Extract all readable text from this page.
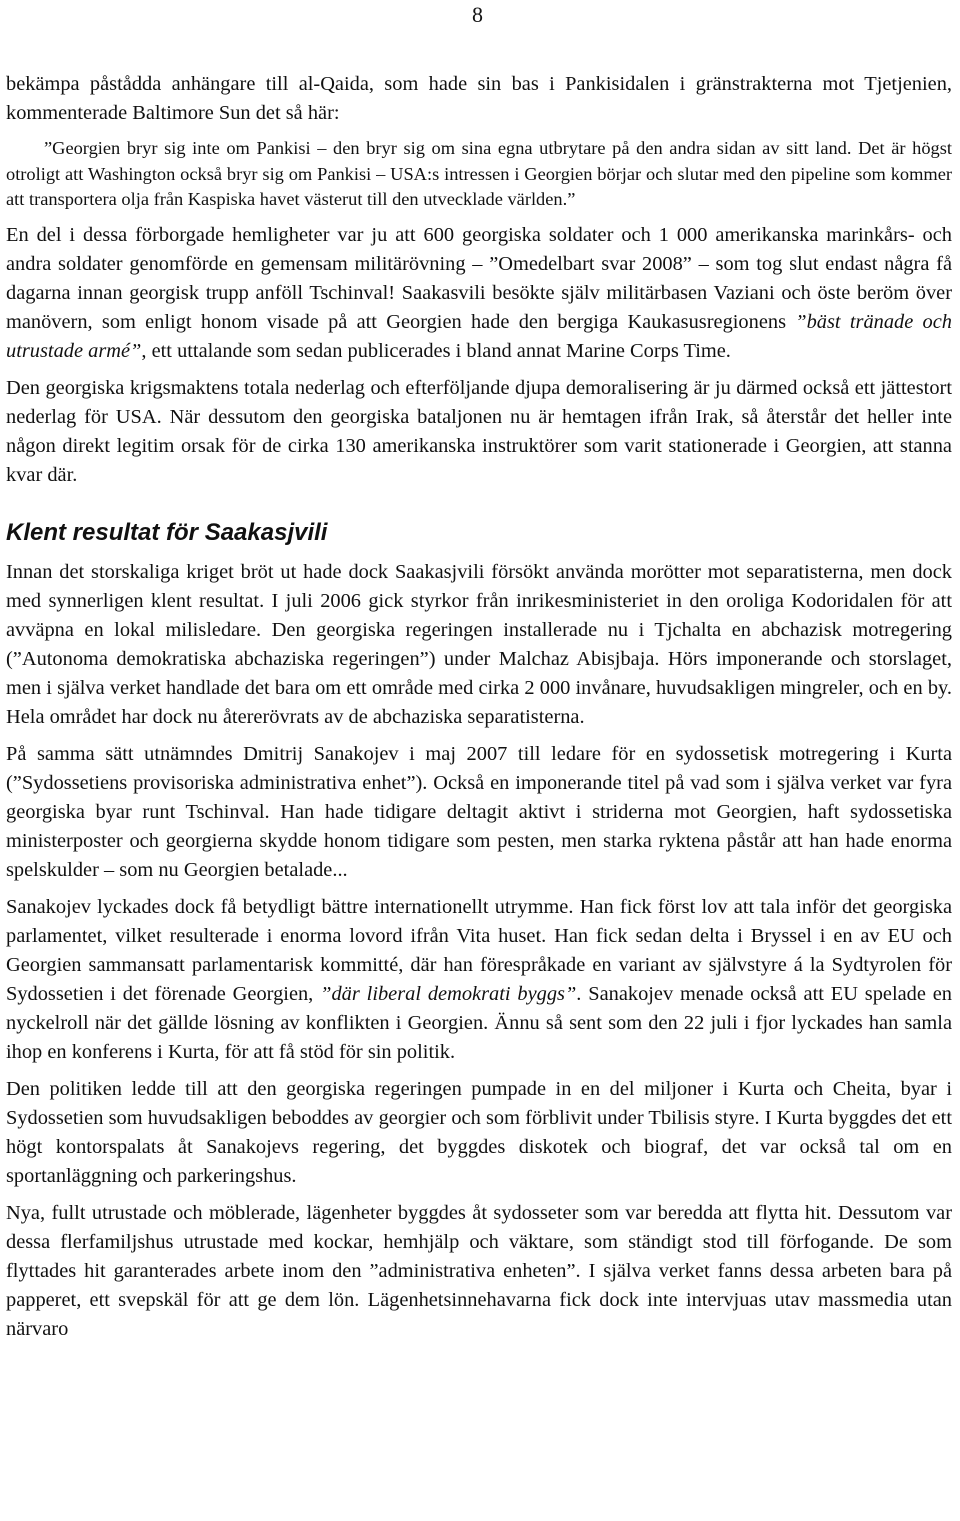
8

bekämpa påstådda anhängare till al-Qaida, som hade sin bas i Pankisidalen i gränstrakterna mot Tjetjenien, kommenterade Baltimore Sun det så här:

”Georgien bryr sig inte om Pankisi – den bryr sig om sina egna utbrytare på den andra sidan av sitt land. Det är högst otroligt att Washington också bryr sig om Pankisi – USA:s intressen i Georgien börjar och slutar med den pipeline som kommer att transportera olja från Kaspiska havet västerut till den utvecklade världen.”

En del i dessa förborgade hemligheter var ju att 600 georgiska soldater och 1 000 amerikanska marinkårs- och andra soldater genomförde en gemensam militärövning – ”Omedelbart svar 2008” – som tog slut endast några få dagarna innan georgisk trupp anföll Tschinval! Saakasvili besökte själv militärbasen Vaziani och öste beröm över manövern, som enligt honom visade på att Georgien hade den bergiga Kaukasusregionens ”bäst tränade och utrustade armé”, ett uttalande som sedan publicerades i bland annat Marine Corps Time.

Den georgiska krigsmaktens totala nederlag och efterföljande djupa demoralisering är ju därmed också ett jättestort nederlag för USA. När dessutom den georgiska bataljonen nu är hemtagen ifrån Irak, så återstår det heller inte någon direkt legitim orsak för de cirka 130 amerikanska instruktörer som varit stationerade i Georgien, att stanna kvar där.

Klent resultat för Saakasjvili

Innan det storskaliga kriget bröt ut hade dock Saakasjvili försökt använda morötter mot separatisterna, men dock med synnerligen klent resultat. I juli 2006 gick styrkor från inrikesministeriet in den oroliga Kodoridalen för att avväpna en lokal milisledare. Den georgiska regeringen installerade nu i Tjchalta en abchazisk motregering (”Autonoma demokratiska abchaziska regeringen”) under Malchaz Abisjbaja. Hörs imponerande och storslaget, men i själva verket handlade det bara om ett område med cirka 2 000 invånare, huvudsakligen mingreler, och en by. Hela området har dock nu återerövrats av de abchaziska separatisterna.

På samma sätt utnämndes Dmitrij Sanakojev i maj 2007 till ledare för en sydossetisk motregering i Kurta (”Sydossetiens provisoriska administrativa enhet”). Också en imponerande titel på vad som i själva verket var fyra georgiska byar runt Tschinval. Han hade tidigare deltagit aktivt i striderna mot Georgien, haft sydossetiska ministerposter och georgierna skydde honom tidigare som pesten, men starka ryktena påstår att han hade enorma spelskulder – som nu Georgien betalade...

Sanakojev lyckades dock få betydligt bättre internationellt utrymme. Han fick först lov att tala inför det georgiska parlamentet, vilket resulterade i enorma lovord ifrån Vita huset. Han fick sedan delta i Bryssel i en av EU och Georgien sammansatt parlamentarisk kommitté, där han förespråkade en variant av självstyre á la Sydtyrolen för Sydossetien i det förenade Georgien, ”där liberal demokrati byggs”. Sanakojev menade också att EU spelade en nyckelroll när det gällde lösning av konflikten i Georgien. Ännu så sent som den 22 juli i fjor lyckades han samla ihop en konferens i Kurta, för att få stöd för sin politik.

Den politiken ledde till att den georgiska regeringen pumpade in en del miljoner i Kurta och Cheita, byar i Sydossetien som huvudsakligen beboddes av georgier och som förblivit under Tbilisis styre. I Kurta byggdes det ett högt kontorspalats åt Sanakojevs regering, det byggdes diskotek och biograf, det var också tal om en sportanläggning och parkeringshus.

Nya, fullt utrustade och möblerade, lägenheter byggdes åt sydosseter som var beredda att flytta hit. Dessutom var dessa flerfamiljshus utrustade med kockar, hemhjälp och väktare, som ständigt stod till förfogande. De som flyttades hit garanterades arbete inom den ”administrativa enheten”. I själva verket fanns dessa arbeten bara på papperet, ett svepskäl för att ge dem lön. Lägenhetsinnehavarna fick dock inte intervjuas utav massmedia utan närvaro
